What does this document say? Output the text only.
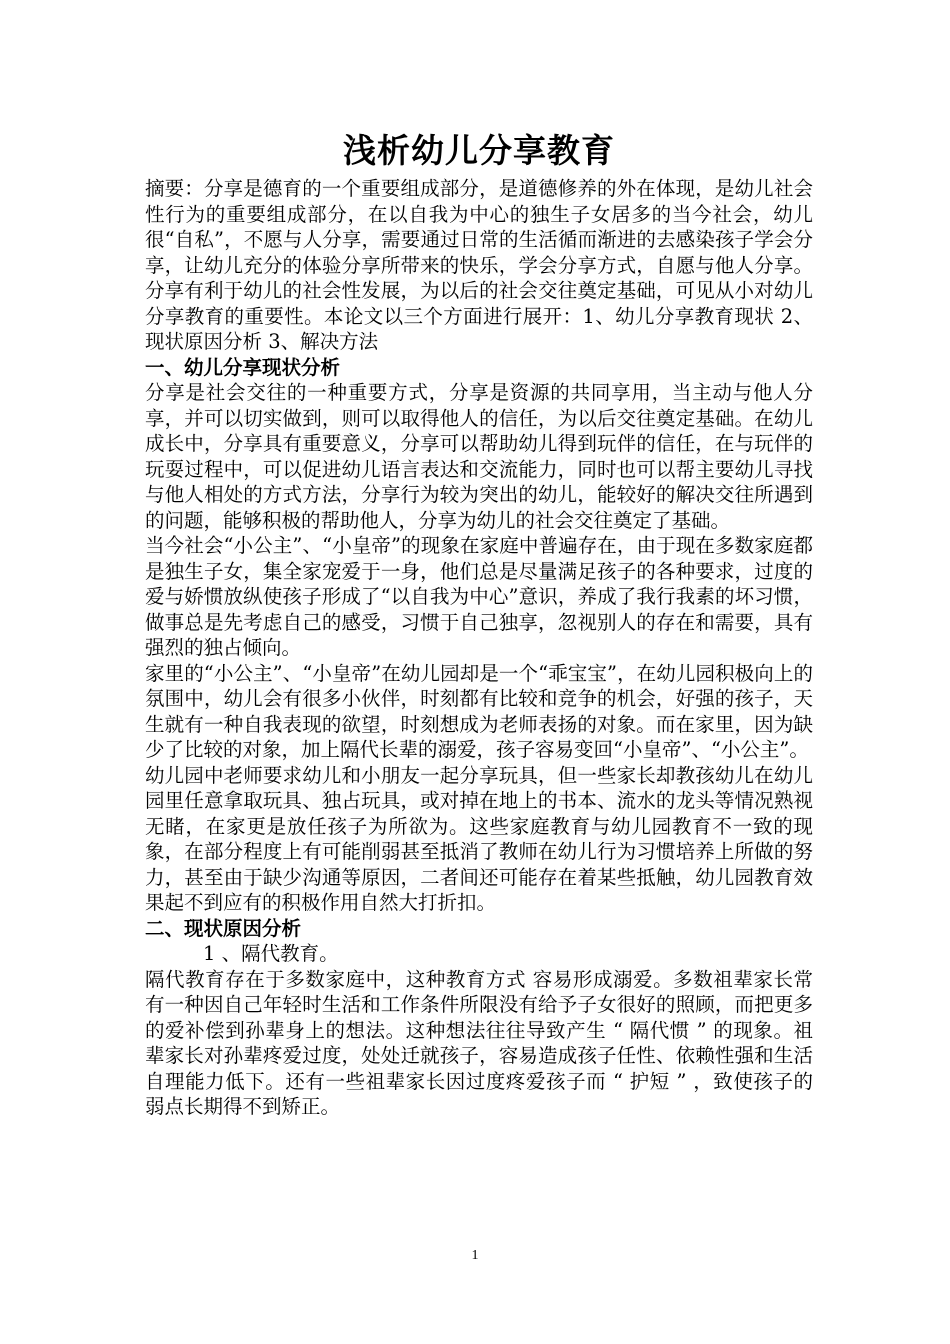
浅析幼儿分享教育

摘要：分享是德育的一个重要组成部分，是道德修养的外在体现，是幼儿社会性行为的重要组成部分，在以自我为中心的独生子女居多的当今社会，幼儿很“自私”，不愿与人分享，需要通过日常的生活循而渐进的去感染孩子学会分享，让幼儿充分的体验分享所带来的快乐，学会分享方式，自愿与他人分享。分享有利于幼儿的社会性发展，为以后的社会交往奠定基础，可见从小对幼儿分享教育的重要性。本论文以三个方面进行展开：1、幼儿分享教育现状 2、现状原因分析 3、解决方法

一、幼儿分享现状分析

分享是社会交往的一种重要方式，分享是资源的共同享用，当主动与他人分享，并可以切实做到，则可以取得他人的信任，为以后交往奠定基础。在幼儿成长中，分享具有重要意义，分享可以帮助幼儿得到玩伴的信任，在与玩伴的玩耍过程中，可以促进幼儿语言表达和交流能力，同时也可以帮主要幼儿寻找与他人相处的方式方法，分享行为较为突出的幼儿，能较好的解决交往所遇到的问题，能够积极的帮助他人，分享为幼儿的社会交往奠定了基础。

当今社会“小公主”、“小皇帝”的现象在家庭中普遍存在，由于现在多数家庭都是独生子女，集全家宠爱于一身，他们总是尽量满足孩子的各种要求，过度的爱与娇惯放纵使孩子形成了“以自我为中心”意识，养成了我行我素的坏习惯，做事总是先考虑自己的感受，习惯于自己独享，忽视别人的存在和需要，具有强烈的独占倾向。

家里的“小公主”、“小皇帝”在幼儿园却是一个“乖宝宝”，在幼儿园积极向上的氛围中，幼儿会有很多小伙伴，时刻都有比较和竞争的机会，好强的孩子，天生就有一种自我表现的欲望，时刻想成为老师表扬的对象。而在家里，因为缺少了比较的对象，加上隔代长辈的溺爱，孩子容易变回“小皇帝”、“小公主”。

幼儿园中老师要求幼儿和小朋友一起分享玩具，但一些家长却教孩幼儿在幼儿园里任意拿取玩具、独占玩具，或对掉在地上的书本、流水的龙头等情况熟视无睹，在家更是放任孩子为所欲为。这些家庭教育与幼儿园教育不一致的现象，在部分程度上有可能削弱甚至抵消了教师在幼儿行为习惯培养上所做的努力，甚至由于缺少沟通等原因，二者间还可能存在着某些抵触，幼儿园教育效果起不到应有的积极作用自然大打折扣。

二、现状原因分析

1 、隔代教育。

隔代教育存在于多数家庭中，这种教育方式 容易形成溺爱。多数祖辈家长常有一种因自己年轻时生活和工作条件所限没有给予子女很好的照顾，而把更多的爱补偿到孙辈身上的想法。这种想法往往导致产生 “ 隔代惯 ” 的现象。祖辈家长对孙辈疼爱过度，处处迁就孩子，容易造成孩子任性、依赖性强和生活自理能力低下。还有一些祖辈家长因过度疼爱孩子而 “ 护短 ” ，致使孩子的弱点长期得不到矫正。

1
